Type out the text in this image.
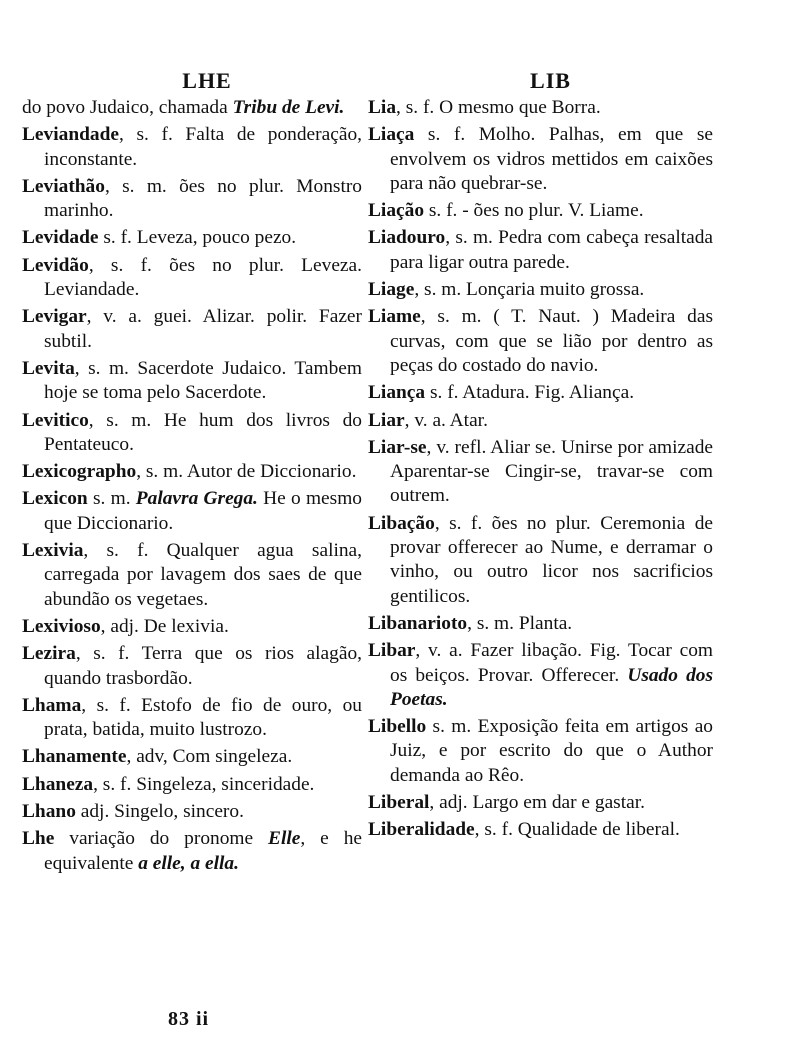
LHE

do povo Judaico, chamada Tribu de Levi.

Leviandade, s. f. Falta de ponderação, inconstante.

Leviathão, s. m. ões no plur. Monstro marinho.

Levidade s. f. Leveza, pouco pezo.

Levidão, s. f. ões no plur. Leveza. Leviandade.

Levigar, v. a. guei. Alizar. polir. Fazer subtil.

Levita, s. m. Sacerdote Judaico. Tambem hoje se toma pelo Sacerdote.

Levitico, s. m. He hum dos livros do Pentateuco.

Lexicographo, s. m. Autor de Diccionario.

Lexicon s. m. Palavra Grega. He o mesmo que Diccionario.

Lexivia, s. f. Qualquer agua salina, carregada por lavagem dos saes de que abundão os vegetaes.

Lexivioso, adj. De lexivia.

Lezira, s. f. Terra que os rios alagão, quando trasbordão.

Lhama, s. f. Estofo de fio de ouro, ou prata, batida, muito lustrozo.

Lhanamente, adv, Com singeleza.

Lhaneza, s. f. Singeleza, sinceridade.

Lhano adj. Singelo, sincero.

Lhe variação do pronome Elle, e he equivalente a elle, a ella.

LIB

Lia, s. f. O mesmo que Borra.

Liaça s. f. Molho. Palhas, em que se envolvem os vidros mettidos em caixões para não quebrar-se.

Liação s. f. - ões no plur. V. Liame.

Liadouro, s. m. Pedra com cabeça resaltada para ligar outra parede.

Liage, s. m. Lonçaria muito grossa.

Liame, s. m. ( T. Naut. ) Madeira das curvas, com que se lião por dentro as peças do costado do navio.

Liança s. f. Atadura. Fig. Aliança.

Liar, v. a. Atar.

Liar-se, v. refl. Aliar se. Unirse por amizade Aparentar-se Cingir-se, travar-se com outrem.

Libação, s. f. ões no plur. Ceremonia de provar offerecer ao Nume, e derramar o vinho, ou outro licor nos sacrificios gentilicos.

Libanarioto, s. m. Planta.

Libar, v. a. Fazer libação. Fig. Tocar com os beiços. Provar. Offerecer. Usado dos Poetas.

Libello s. m. Exposição feita em artigos ao Juiz, e por escrito do que o Author demanda ao Rêo.

Liberal, adj. Largo em dar e gastar.

Liberalidade, s. f. Qualidade de liberal.

83 ii
